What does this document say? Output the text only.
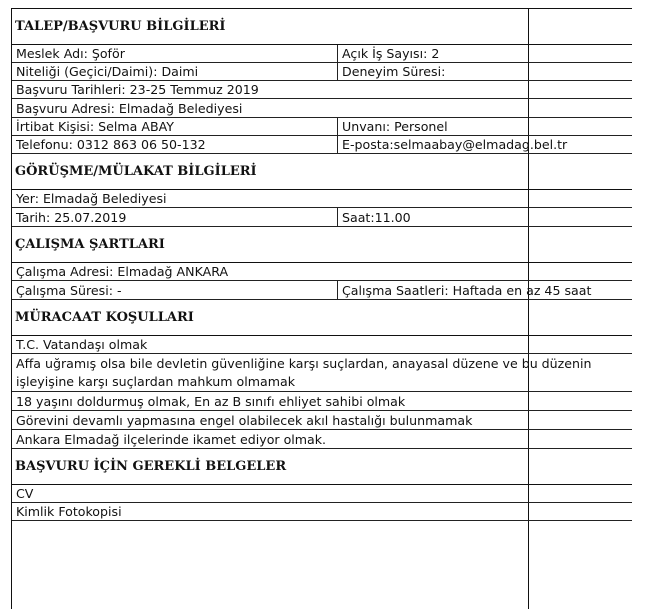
TALEP/BAŞVURU BİLGİLERİ
Meslek Adı: Şoför	Açık İş Sayısı: 2
Niteliği (Geçici/Daimi): Daimi	Deneyim Süresi:
Başvuru Tarihleri: 23-25 Temmuz 2019
Başvuru Adresi: Elmadağ Belediyesi
İrtibat Kişisi: Selma ABAY	Unvanı: Personel
Telefonu: 0312 863 06 50-132	E-posta:selmaabay@elmadag.bel.tr
GÖRÜŞME/MÜLAKAT BİLGİLERİ
Yer: Elmadağ Belediyesi
Tarih: 25.07.2019	Saat:11.00
ÇALIŞMA ŞARTLARI
Çalışma Adresi: Elmadağ ANKARA
Çalışma Süresi: -	Çalışma Saatleri: Haftada en az 45 saat
MÜRACAAT KOŞULLARI
T.C. Vatandaşı olmak
Affa uğramış olsa bile devletin güvenliğine karşı suçlardan, anayasal düzene ve bu düzenin işleyişine karşı suçlardan mahkum olmamak
18 yaşını doldurmuş olmak, En az B sınıfı ehliyet sahibi olmak
Görevini devamlı yapmasına engel olabilecek akıl hastalığı bulunmamak
Ankara Elmadağ ilçelerinde ikamet ediyor olmak.
BAŞVURU İÇİN GEREKLİ BELGELER
CV
Kimlik Fotokopisi
